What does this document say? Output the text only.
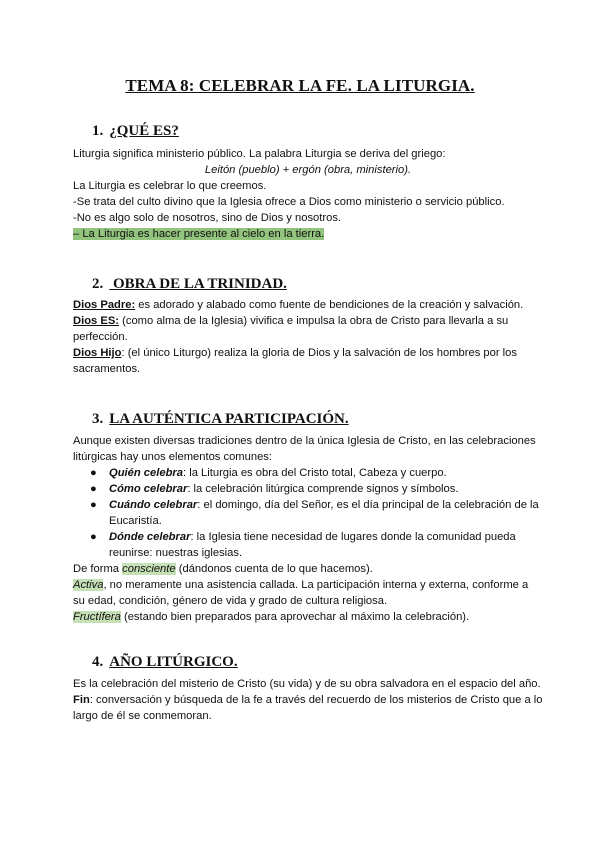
TEMA 8: CELEBRAR LA FE. LA LITURGIA.
1. ¿QUÉ ES?

Liturgia significa ministerio público. La palabra Liturgia se deriva del griego:

Leitón (pueblo) + ergón (obra, ministerio).

La Liturgia es celebrar lo que creemos.

-Se trata del culto divino que la Iglesia ofrece a Dios como ministerio o servicio público.

-No es algo solo de nosotros, sino de Dios y nosotros.

– La Liturgia es hacer presente al cielo en la tierra.

2. OBRA DE LA TRINIDAD.

Dios Padre: es adorado y alabado como fuente de bendiciones de la creación y salvación.

Dios ES: (como alma de la Iglesia) vivifica e impulsa la obra de Cristo para llevarla a su perfección.

Dios Hijo: (el único Liturgo) realiza la gloria de Dios y la salvación de los hombres por los sacramentos.

3. LA AUTÉNTICA PARTICIPACIÓN.

Aunque existen diversas tradiciones dentro de la única Iglesia de Cristo, en las celebraciones litúrgicas hay unos elementos comunes:

● Quién celebra: la Liturgia es obra del Cristo total, Cabeza y cuerpo.
● Cómo celebrar: la celebración litúrgica comprende signos y símbolos.
● Cuándo celebrar: el domingo, día del Señor, es el día principal de la celebración de la Eucaristía.
● Dónde celebrar: la Iglesia tiene necesidad de lugares donde la comunidad pueda reunirse: nuestras iglesias.

De forma consciente (dándonos cuenta de lo que hacemos).

Activa, no meramente una asistencia callada. La participación interna y externa, conforme a su edad, condición, género de vida y grado de cultura religiosa.

Fructífera (estando bien preparados para aprovechar al máximo la celebración).

4. AÑO LITÚRGICO.

Es la celebración del misterio de Cristo (su vida) y de su obra salvadora en el espacio del año.

Fin: conversación y búsqueda de la fe a través del recuerdo de los misterios de Cristo que a lo largo de él se conmemoran.
